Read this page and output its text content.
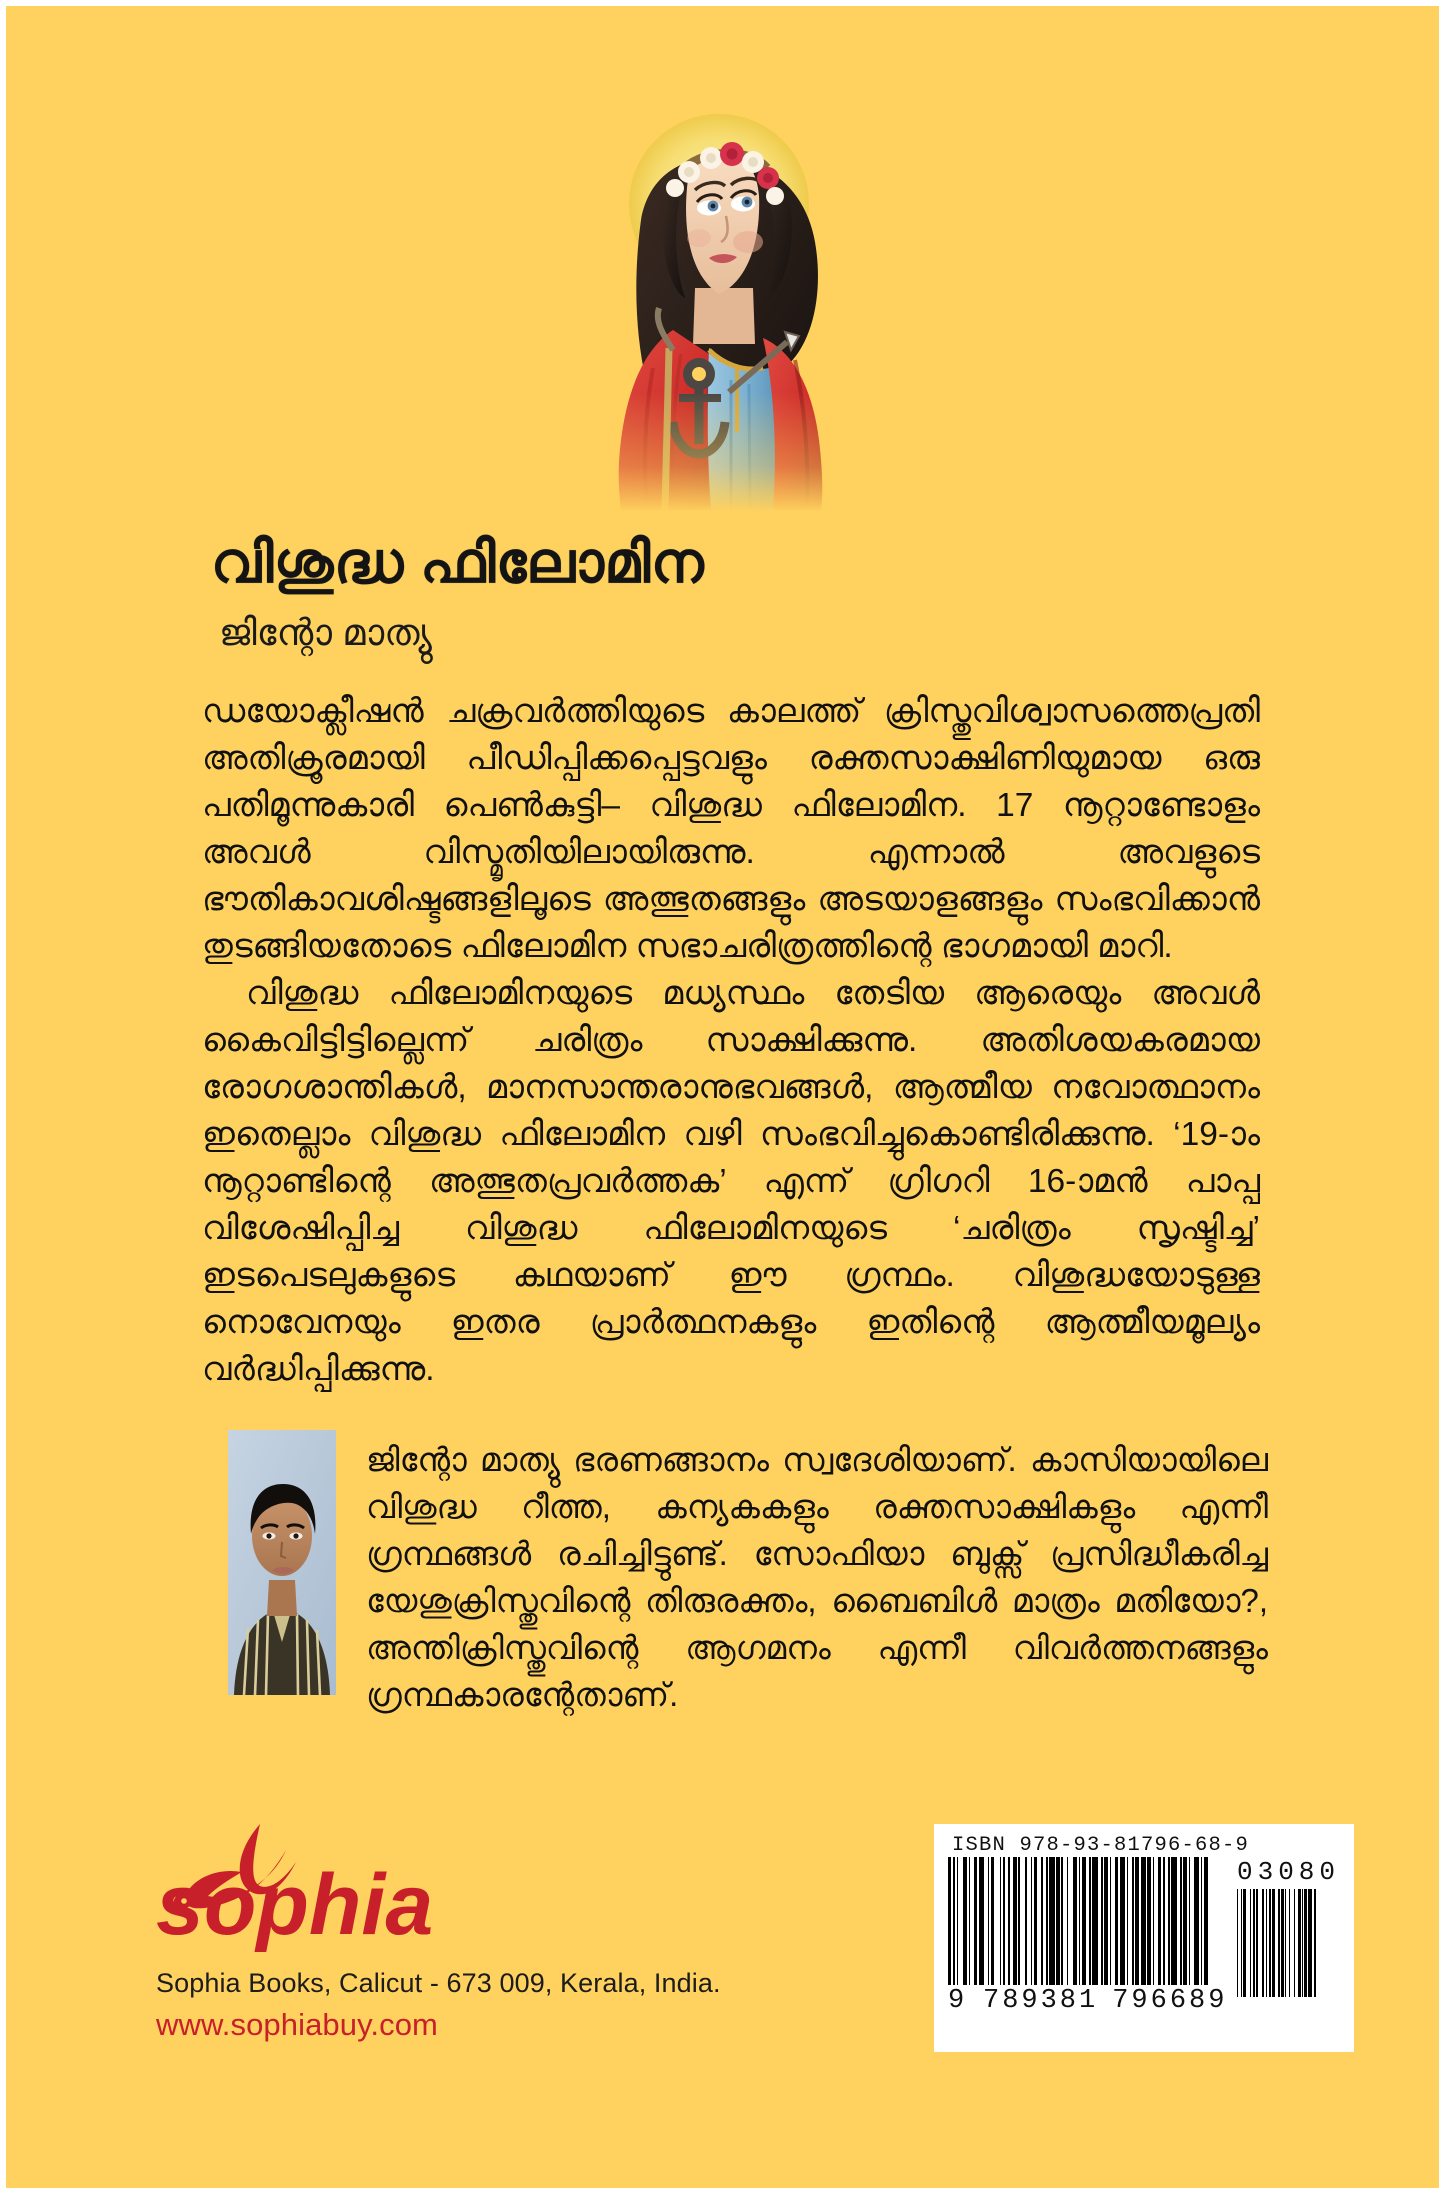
വിശുദ്ധ ഫിലോമിന
ജിന്റോ മാത്യു

ഡയോക്ലീഷൻ ചക്രവർത്തിയുടെ കാലത്ത് ക്രിസ്തുവിശ്വാസത്തെപ്രതി അതിക്രൂരമായി പീഡിപ്പിക്കപ്പെട്ടവളും രക്തസാക്ഷിണിയുമായ ഒരു പതിമൂന്നുകാരി പെൺകുട്ടി– വിശുദ്ധ ഫിലോമിന. 17 നൂറ്റാണ്ടോളം അവൾ വിസ്മൃതിയിലായിരുന്നു. എന്നാൽ അവളുടെ ഭൗതികാവശിഷ്ടങ്ങളിലൂടെ അത്ഭുതങ്ങളും അടയാളങ്ങളും സംഭവിക്കാൻ തുടങ്ങിയതോടെ ഫിലോമിന സഭാചരിത്രത്തിന്റെ ഭാഗമായി മാറി.

വിശുദ്ധ ഫിലോമിനയുടെ മധ്യസ്ഥം തേടിയ ആരെയും അവൾ കൈവിട്ടിട്ടില്ലെന്ന് ചരിത്രം സാക്ഷിക്കുന്നു. അതിശയകരമായ രോഗശാന്തികൾ, മാനസാന്തരാനുഭവങ്ങൾ, ആത്മീയ നവോത്ഥാനം ഇതെല്ലാം വിശുദ്ധ ഫിലോമിന വഴി സംഭവിച്ചുകൊണ്ടിരിക്കുന്നു. ‘19-ാം നൂറ്റാണ്ടിന്റെ അത്ഭുതപ്രവർത്തക’ എന്ന് ഗ്രിഗറി 16-ാമൻ പാപ്പ വിശേഷിപ്പിച്ച വിശുദ്ധ ഫിലോമിനയുടെ ‘ചരിത്രം സൃഷ്ടിച്ച’ ഇടപെടലുകളുടെ കഥയാണ് ഈ ഗ്രന്ഥം. വിശുദ്ധയോടുള്ള നൊവേനയും ഇതര പ്രാർത്ഥനകളും ഇതിന്റെ ആത്മീയമൂല്യം വർദ്ധിപ്പിക്കുന്നു.

ജിന്റോ മാത്യു ഭരണങ്ങാനം സ്വദേശിയാണ്. കാസിയായിലെ വിശുദ്ധ റീത്ത, കന്യകകളും രക്തസാക്ഷികളും എന്നീ ഗ്രന്ഥങ്ങൾ രചിച്ചിട്ടുണ്ട്. സോഫിയാ ബുക്സ് പ്രസിദ്ധീകരിച്ച യേശുക്രിസ്തുവിന്റെ തിരുരക്തം, ബൈബിൾ മാത്രം മതിയോ?, അന്തിക്രിസ്തുവിന്റെ ആഗമനം എന്നീ വിവർത്തനങ്ങളും ഗ്രന്ഥകാരന്റേതാണ്.
sophia
Sophia Books, Calicut - 673 009, Kerala, India.
www.sophiabuy.com
ISBN 978-93-81796-68-9
9 789381 796689
03080
